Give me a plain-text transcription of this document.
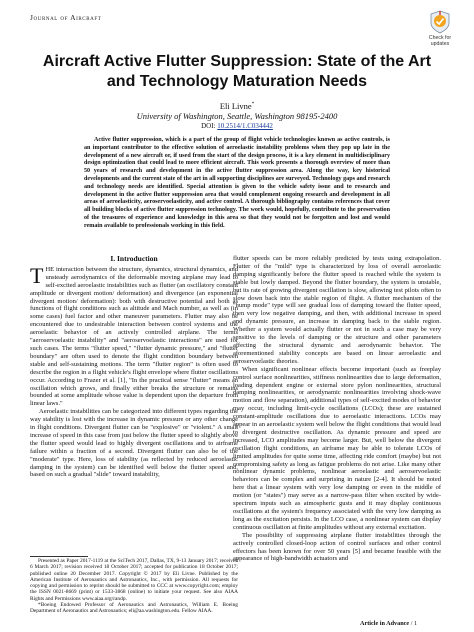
Journal of Aircraft
Check for updates
Aircraft Active Flutter Suppression: State of the Art and Technology Maturation Needs
Eli Livne*
University of Washington, Seattle, Washington 98195-2400
DOI: 10.2514/1.C034442

Active flutter suppression, which is a part of the group of flight vehicle technologies known as active controls, is an important contributor to the effective solution of aeroelastic instability problems when they pop up late in the development of a new aircraft or, if used from the start of the design process, it is a key element in multidisciplinary design optimization that could lead to more efficient aircraft. This work presents a thorough overview of more than 50 years of research and development in the active flutter suppression area. Along the way, key historical developments and the current state of the art in all supporting disciplines are surveyed. Technology gaps and research and technology needs are identified. Special attention is given to the vehicle safety issue and to research and development in the active flutter suppression area that would complement ongoing research and development in all areas of aeroelasticity, aeroservoelasticity, and active control. A thorough bibliography contains references that cover all building blocks of active flutter suppression technology. The work would, hopefully, contribute to the preservation of the treasures of experience and knowledge in this area so that they would not be forgotten and lost and would remain available to professionals working in this field.

I. Introduction

THE interaction between the structure, dynamics, structural dynamics, and unsteady aerodynamics of the deformable moving airplane may lead to self-excited aeroelastic instabilities such as flutter (an oscillatory constant amplitude or divergent motion/ deformation) and divergence (an exponential divergent motion/ deformation): both with destructive potential and both as functions of flight conditions such as altitude and Mach number, as well as (in some cases) fuel factor and other maneuver parameters. Flutter may also be encountered due to undesirable interaction between control systems and the aeroelastic behavior of an actively controlled airplane. The terms "aeroservoelastic instability" and "aeroservoelastic interactions" are used for such cases. The terms "flutter speed," "flutter dynamic pressure," and "flutter boundary" are often used to denote the flight condition boundary between stable and self-sustaining motions. The term "flutter region" is often used to describe the region in a flight vehicle's flight envelope where flutter oscillations occur. According to Frazer et al. [1], "In the practical sense "flutter" means an oscillation which grows, and finally either breaks the structure or remains bounded at some amplitude whose value is dependent upon the departure from linear laws."

Aeroelastic instabilities can be categorized into different types regarding the way stability is lost with the increase in dynamic pressure or any other change in flight conditions. Divergent flutter can be "explosive" or "violent." A small increase of speed in this case from just below the flutter speed to slightly above the flutter speed would lead to highly divergent oscillations and to airframe failure within a fraction of a second. Divergent flutter can also be of the "moderate" type. Here, loss of stability (as reflected by reduced aeroelastic damping in the system) can be identified well below the flutter speed and, based on such a gradual "slide" toward instability,

flutter speeds can be more reliably predicted by tests using extrapolation. Flutter of the "mild" type is characterized by loss of overall aeroelastic damping significantly before the flutter speed is reached while the system is stable but lowly damped. Beyond the flutter boundary, the system is unstable, but its rate of growing divergent oscillation is slow, allowing test pilots often to slow down back into the stable region of flight. A flutter mechanism of the "hump mode" type will see gradual loss of damping toward the flutter speed, then very low negative damping, and then, with additional increase in speed and dynamic pressure, an increase in damping back to the stable region. Whether a system would actually flutter or not in such a case may be very sensitive to the levels of damping or the structure and other parameters affecting the structural dynamic and aerodynamic behavior. The aforementioned stability concepts are based on linear aeroelastic and aeroservoelastic theories.

When significant nonlinear effects become important (such as freeplay control surface nonlinearities, stiffness nonlinearities due to large deformation, loading dependent engine or external store pylon nonlinearities, structural damping nonlinearities, or aerodynamic nonlinearities involving shock-wave motion and flow separation), additional types of self-excited modes of behavior may occur, including limit-cycle oscillations (LCOs); these are sustained constant-amplitude oscillations due to aeroelastic interactions. LCOs may appear in an aeroelastic system well below the flight conditions that would lead to divergent destructive oscillation. As dynamic pressure and speed are increased, LCO amplitudes may become larger. But, well below the divergent oscillation flight conditions, an airframe may be able to tolerate LCOs of limited amplitudes for quite some time, affecting ride comfort (maybe) but not compromising safety as long as fatigue problems do not arise. Like many other nonlinear dynamic problems, nonlinear aeroelastic and aeroservoelastic behaviors can be complex and surprising in nature [2-4]. It should be noted here that a linear system with very low damping or even in the middle of motion (or "states") may serve as a narrow-pass filter when excited by wide-spectrum inputs such as atmospheric gusts and it may display continuous oscillations at the system's frequency associated with the very low damping as long as the excitation persists. In the LCO case, a nonlinear system can display continuous oscillation at finite amplitudes without any external excitation.

The possibility of suppressing airplane flutter instabilities through the actively controlled closed-loop action of control surfaces and other control effectors has been known for over 50 years [5] and became feasible with the appearance of high-bandwidth actuators and

Presented as Paper 2017-1119 at the SciTech 2017, Dallas, TX, 9-13 January 2017; received 6 March 2017; revision received 18 October 2017; accepted for publication 18 October 2017; published online 20 December 2017. Copyright © 2017 by Eli Livne. Published by the American Institute of Aeronautics and Astronautics, Inc., with permission. All requests for copying and permission to reprint should be submitted to CCC at www.copyright.com; employ the ISSN 0021-8669 (print) or 1533-3868 (online) to initiate your request. See also AIAA Rights and Permissions www.aiaa.org/randp.

*Boeing Endowed Professor of Aeronautics and Astronautics, William E. Boeing Department of Aeronautics and Astronautics; eli@aa.washington.edu. Fellow AIAA.

Article in Advance / 1
